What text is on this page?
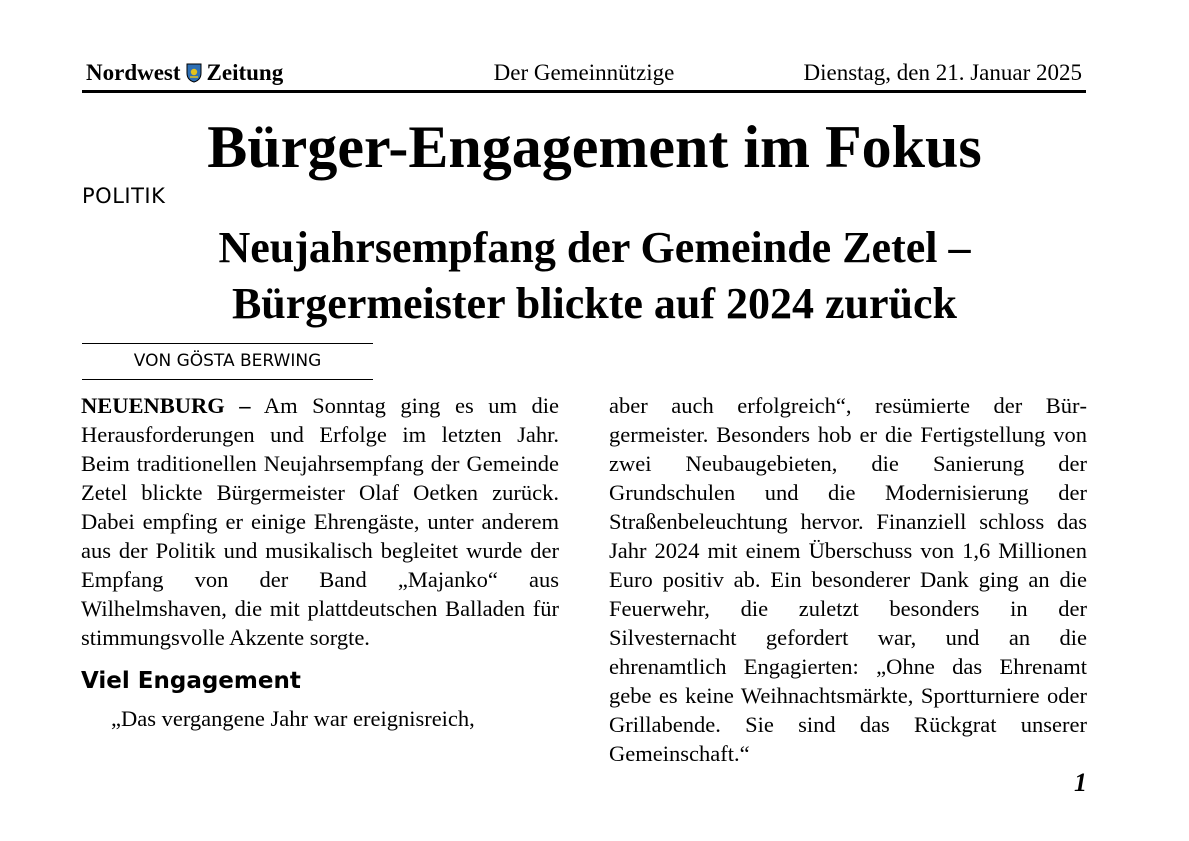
Nordwest Zeitung	Der Gemeinnützige	Dienstag, den 21. Januar 2025
Bürger-Engagement im Fokus
POLITIK
Neujahrsempfang der Gemeinde Zetel –
Bürgermeister blickte auf 2024 zurück
VON GÖSTA BERWING

NEUENBURG – Am Sonntag ging es um die Herausforderungen und Erfolge im letzten Jahr. Beim traditionellen Neujahrsempfang der Gemeinde Zetel blickte Bürgermeister Olaf Oetken zurück. Dabei empfing er einige Ehrengäste, unter anderem aus der Politik und musikalisch begleitet wurde der Empfang von der Band „Majanko“ aus Wilhelmshaven, die mit plattdeutschen Balladen für stimmungsvolle Akzente sorgte.

Viel Engagement

„Das vergangene Jahr war ereignisreich,

aber auch erfolgreich“, resümierte der Bürgermeister. Besonders hob er die Fertigstellung von zwei Neubaugebieten, die Sanierung der Grundschulen und die Modernisierung der Straßenbeleuchtung hervor. Finanziell schloss das Jahr 2024 mit einem Überschuss von 1,6 Millionen Euro positiv ab. Ein besonderer Dank ging an die Feuerwehr, die zuletzt besonders in der Silvesternacht gefordert war, und an die ehrenamtlich Engagierten: „Ohne das Ehrenamt gebe es keine Weihnachtsmärkte, Sportturniere oder Grillabende. Sie sind das Rückgrat unserer Gemeinschaft.“

1
